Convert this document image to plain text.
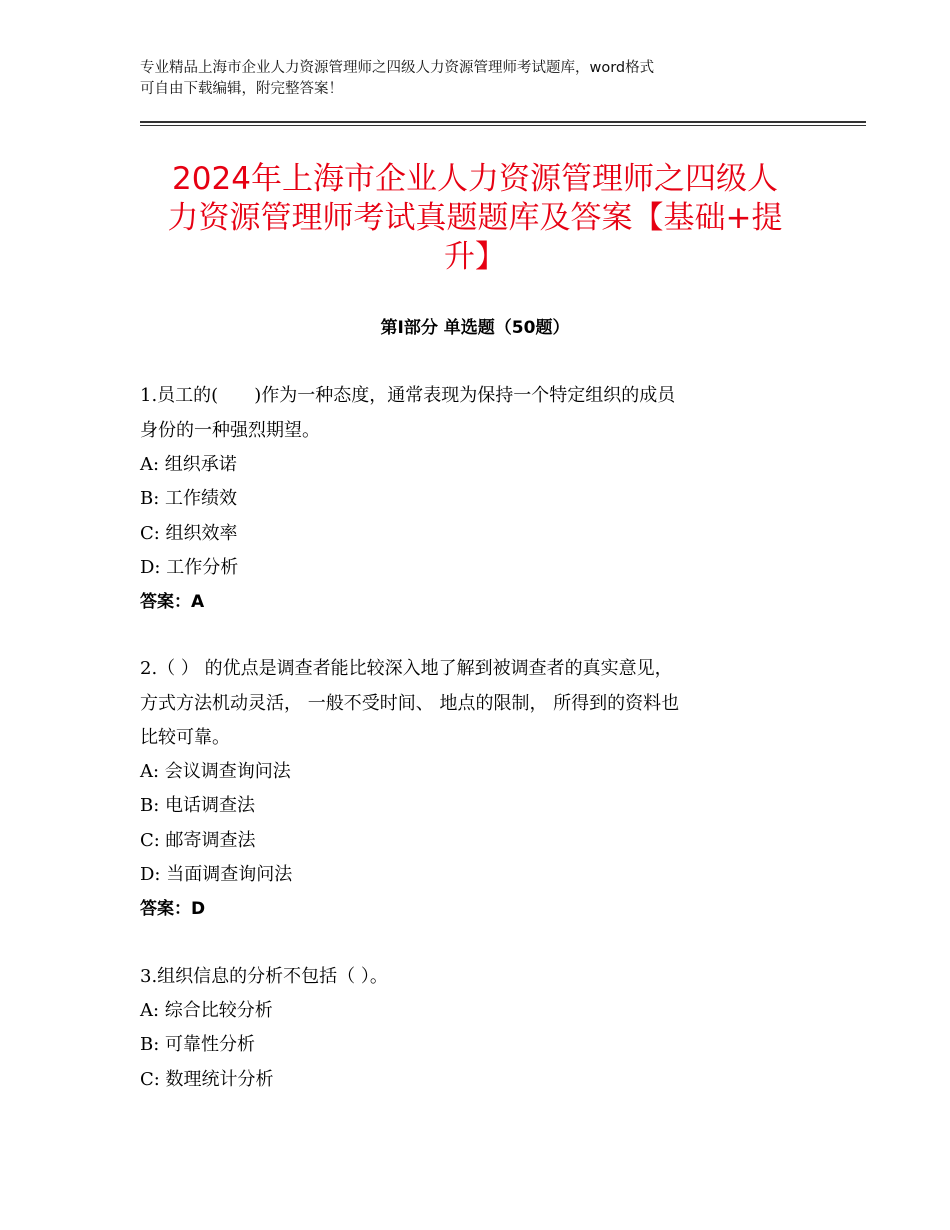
专业精品上海市企业人力资源管理师之四级人力资源管理师考试题库，word格式
可自由下载编辑，附完整答案！
2024年上海市企业人力资源管理师之四级人
力资源管理师考试真题题库及答案【基础+提
升】
第Ⅰ部分 单选题（50题）
1.员工的(　　)作为一种态度，通常表现为保持一个特定组织的成员
身份的一种强烈期望。
A: 组织承诺
B: 工作绩效
C: 组织效率
D: 工作分析
答案：A
2.（ ） 的优点是调查者能比较深入地了解到被调查者的真实意见，
方式方法机动灵活， 一般不受时间、 地点的限制， 所得到的资料也
比较可靠。
A: 会议调查询问法
B: 电话调查法
C: 邮寄调查法
D: 当面调查询问法
答案：D
3.组织信息的分析不包括（ ）。
A: 综合比较分析
B: 可靠性分析
C: 数理统计分析
